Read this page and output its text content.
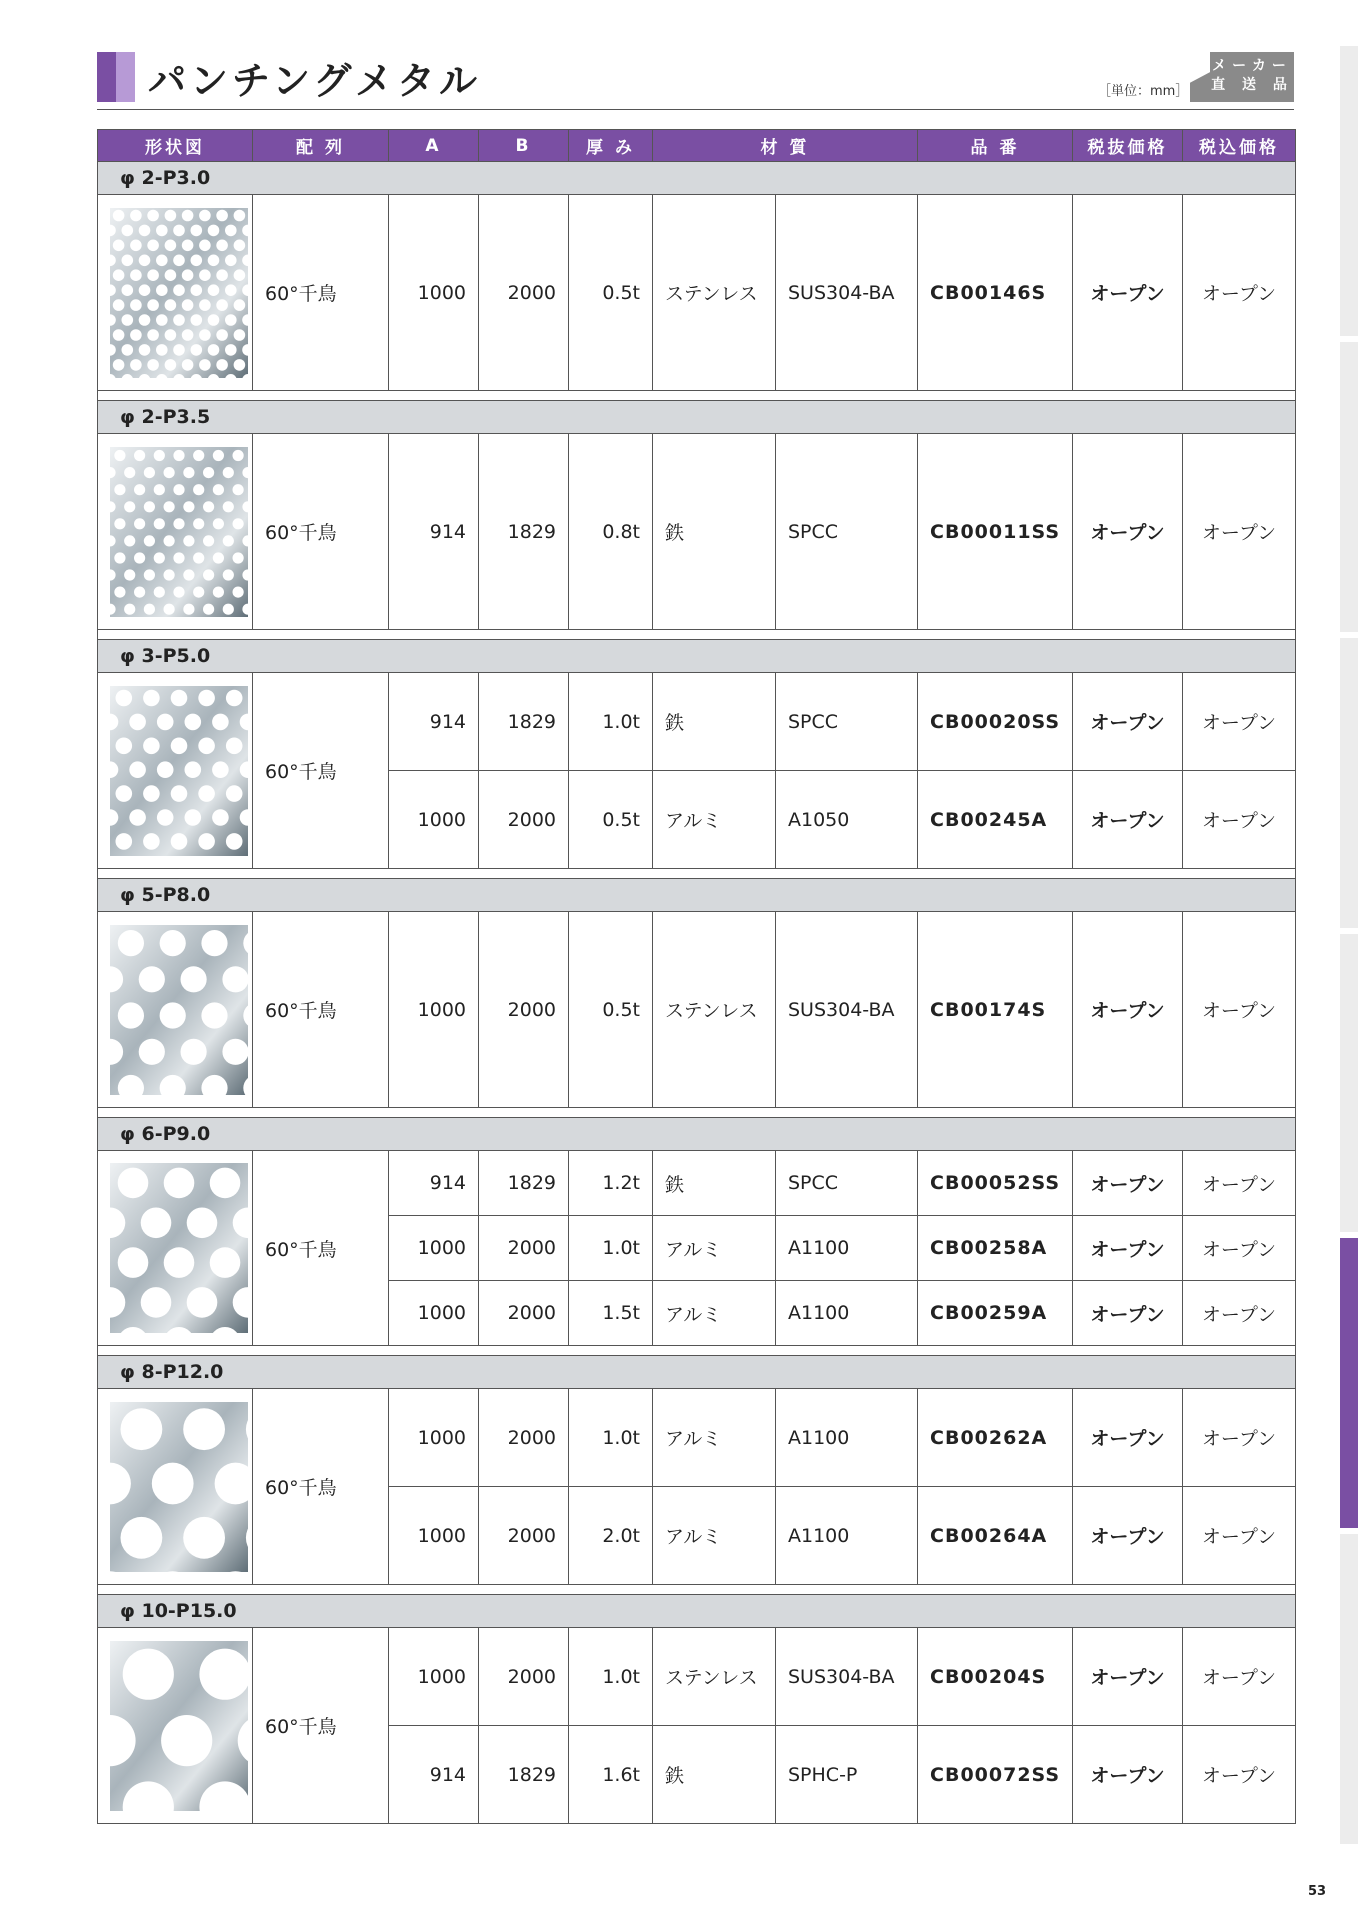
パンチングメタル	［単位：mm］
メーカー
直 送 品
形状図	配 列	A	B	厚 み	材 質		品 番	税抜価格	税込価格
φ 2-P3.0									

	60°千鳥	1000	2000	0.5t	ステンレス	SUS304-BA	CB00146S	オープン	オープン

φ 2-P3.5									

	60°千鳥	914	1829	0.8t	鉄	SPCC	CB00011SS	オープン	オープン

φ 3-P5.0									

	60°千鳥	914	1829	1.0t	鉄	SPCC	CB00020SS	オープン	オープン
		1000	2000	0.5t	アルミ	A1050	CB00245A	オープン	オープン

φ 5-P8.0									

	60°千鳥	1000	2000	0.5t	ステンレス	SUS304-BA	CB00174S	オープン	オープン

φ 6-P9.0									

	60°千鳥	914	1829	1.2t	鉄	SPCC	CB00052SS	オープン	オープン
		1000	2000	1.0t	アルミ	A1100	CB00258A	オープン	オープン
		1000	2000	1.5t	アルミ	A1100	CB00259A	オープン	オープン

φ 8-P12.0									

	60°千鳥	1000	2000	1.0t	アルミ	A1100	CB00262A	オープン	オープン
		1000	2000	2.0t	アルミ	A1100	CB00264A	オープン	オープン

φ 10-P15.0									

	60°千鳥	1000	2000	1.0t	ステンレス	SUS304-BA	CB00204S	オープン	オープン
		914	1829	1.6t	鉄	SPHC-P	CB00072SS	オープン	オープン
53
